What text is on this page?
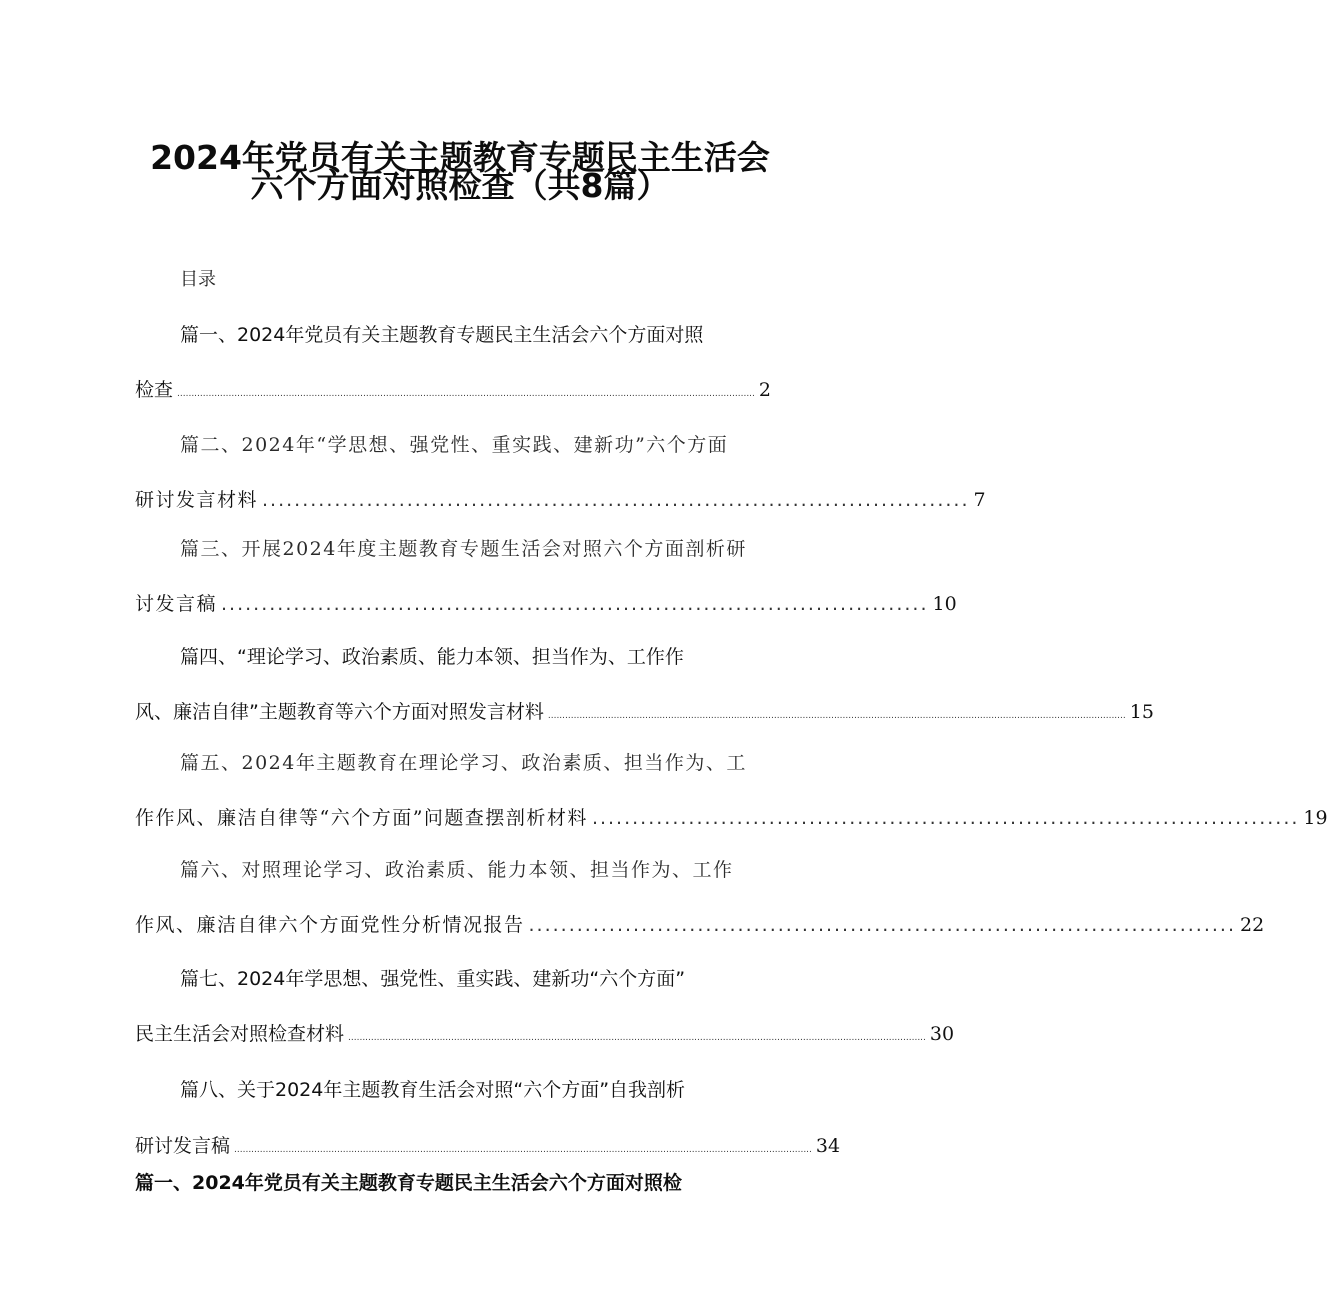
2024年党员有关主题教育专题民主生活会
六个方面对照检查（共8篇）
目录
篇一、2024年党员有关主题教育专题民主生活会六个方面对照
检查 .......................................................................................................................................................................................................... 2
篇二、2024年“学思想、强党性、重实践、建新功”六个方面
研讨发言材料 ........................................................................................ 7
篇三、开展2024年度主题教育专题生活会对照六个方面剖析研
讨发言稿 ........................................................................................ 10
篇四、“理论学习、政治素质、能力本领、担当作为、工作作
风、廉洁自律”主题教育等六个方面对照发言材料 .......................................................................................................................................................................................................... 15
篇五、2024年主题教育在理论学习、政治素质、担当作为、工
作作风、廉洁自律等“六个方面”问题查摆剖析材料 ........................................................................................ 19
篇六、对照理论学习、政治素质、能力本领、担当作为、工作
作风、廉洁自律六个方面党性分析情况报告 ........................................................................................ 22
篇七、2024年学思想、强党性、重实践、建新功“六个方面”
民主生活会对照检查材料 .......................................................................................................................................................................................................... 30
篇八、关于2024年主题教育生活会对照“六个方面”自我剖析
研讨发言稿 .......................................................................................................................................................................................................... 34
篇一、2024年党员有关主题教育专题民主生活会六个方面对照检
